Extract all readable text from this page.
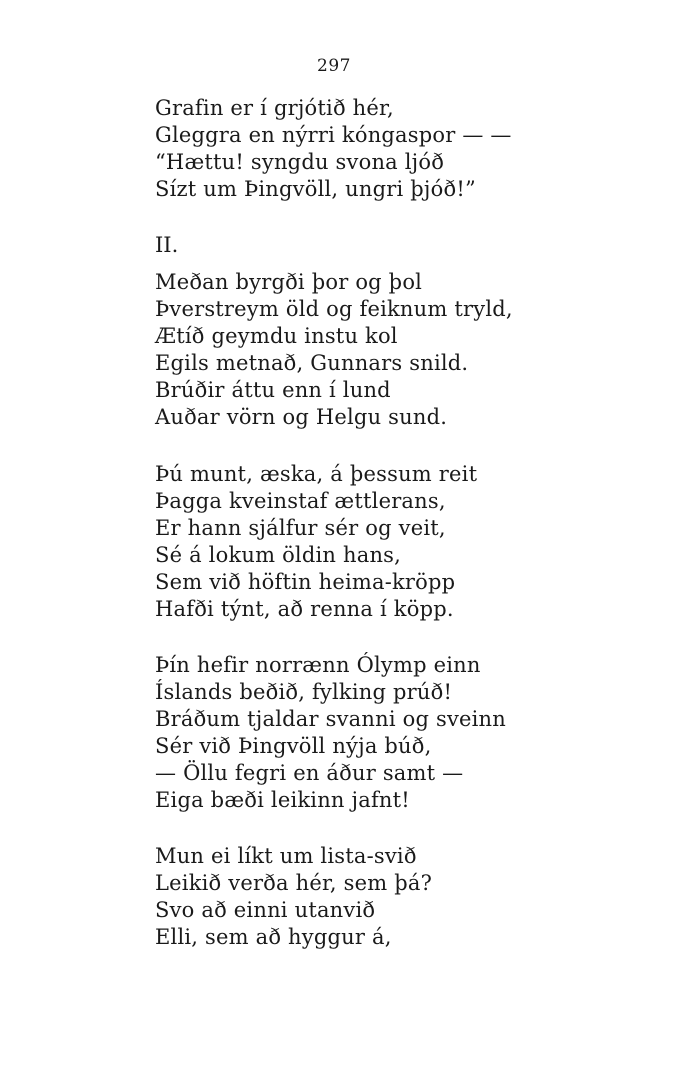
297
Grafin er í grjótið hér,
Gleggra en nýrri kóngaspor — —
“Hættu! syngdu svona ljóð
Sízt um Þingvöll, ungri þjóð!”
II.
Meðan byrgði þor og þol
Þverstreym öld og feiknum tryld,
Ætíð geymdu instu kol
Egils metnað, Gunnars snild.
Brúðir áttu enn í lund
Auðar vörn og Helgu sund.
Þú munt, æska, á þessum reit
Þagga kveinstaf ættlerans,
Er hann sjálfur sér og veit,
Sé á lokum öldin hans,
Sem við höftin heima-kröpp
Hafði týnt, að renna í köpp.
Þín hefir norrænn Ólymp einn
Íslands beðið, fylking prúð!
Bráðum tjaldar svanni og sveinn
Sér við Þingvöll nýja búð,
— Öllu fegri en áður samt —
Eiga bæði leikinn jafnt!
Mun ei líkt um lista-svið
Leikið verða hér, sem þá?
Svo að einni utanvið
Elli, sem að hyggur á,
